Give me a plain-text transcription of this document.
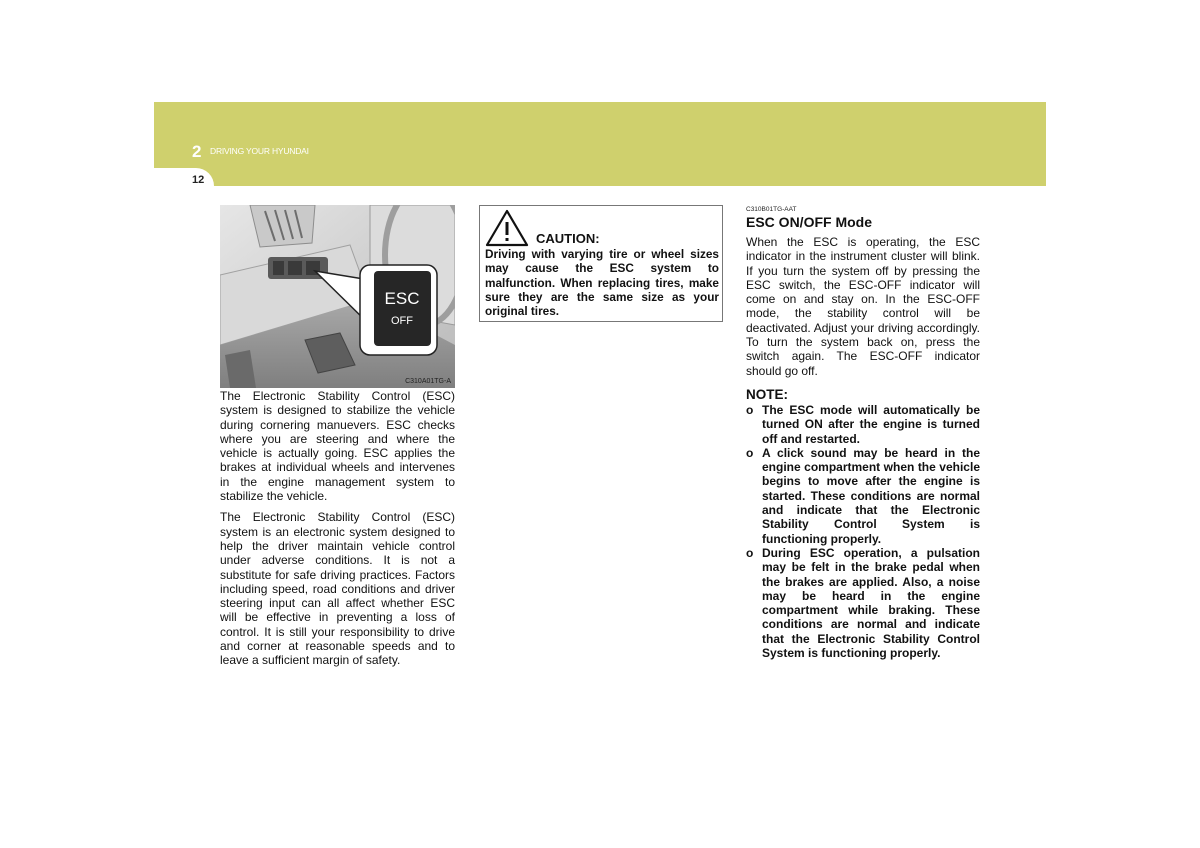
2 DRIVING YOUR HYUNDAI
12
ESC
OFF
C310A01TG-A

The Electronic Stability Control (ESC) system is designed to stabilize the vehicle during cornering manuevers. ESC checks where you are steering and where the vehicle is actually going. ESC applies the brakes at individual wheels and intervenes in the engine management system to stabilize the vehicle.

The Electronic Stability Control (ESC) system is an electronic system designed to help the driver maintain vehicle control under adverse conditions. It is not a substitute for safe driving practices. Factors including speed, road conditions and driver steering input can all affect whether ESC will be effective in preventing a loss of control. It is still your responsibility to drive and corner at reasonable speeds and to leave a sufficient margin of safety.

CAUTION:

Driving with varying tire or wheel sizes may cause the ESC system to malfunction. When replacing tires, make sure they are the same size as your original tires.

C310B01TG-AAT

ESC ON/OFF Mode

When the ESC is operating, the ESC indicator in the instrument cluster will blink. If you turn the system off by pressing the ESC switch, the ESC-OFF indicator will come on and stay on. In the ESC-OFF mode, the stability control will be deactivated. Adjust your driving accordingly. To turn the system back on, press the switch again. The ESC-OFF indicator should go off.

NOTE:
o The ESC mode will automatically be turned ON after the engine is turned off and restarted.
o A click sound may be heard in the engine compartment when the vehicle begins to move after the engine is started. These conditions are normal and indicate that the Electronic Stability Control System is functioning properly.
o During ESC operation, a pulsation may be felt in the brake pedal when the brakes are applied. Also, a noise may be heard in the engine compartment while braking. These conditions are normal and indicate that the Electronic Stability Control System is functioning properly.
